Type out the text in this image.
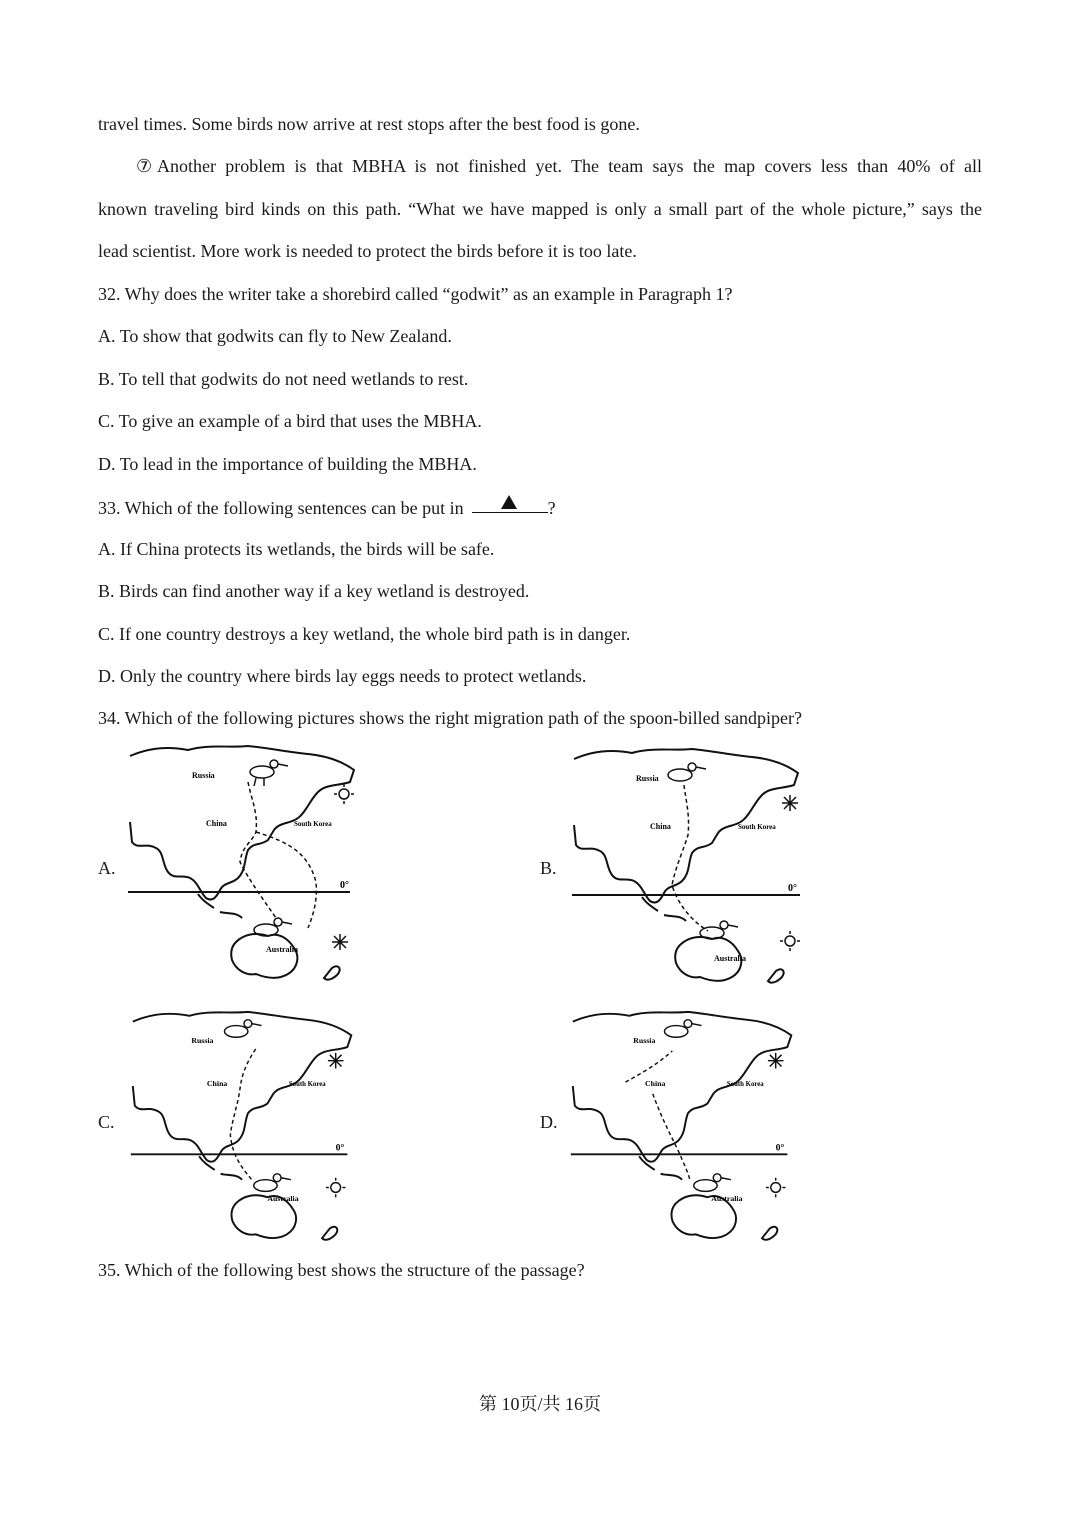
travel times. Some birds now arrive at rest stops after the best food is gone.
⑦Another problem is that MBHA is not finished yet. The team says the map covers less than 40% of all
known traveling bird kinds on this path. “What we have mapped is only a small part of the whole picture,” says the
lead scientist. More work is needed to protect the birds before it is too late.
32. Why does the writer take a shorebird called “godwit” as an example in Paragraph 1?
A. To show that godwits can fly to New Zealand.
B. To tell that godwits do not need wetlands to rest.
C. To give an example of a bird that uses the MBHA.
D. To lead in the importance of building the MBHA.
33. Which of the following sentences can be put in	?
A. If China protects its wetlands, the birds will be safe.
B. Birds can find another way if a key wetland is destroyed.
C. If one country destroys a key wetland, the whole bird path is in danger.
D. Only the country where birds lay eggs needs to protect wetlands.
34. Which of the following pictures shows the right migration path of the spoon-billed sandpiper?
A.	B.
C.	D.
0°
Russia
China	South Korea
Australia
0°
Russia
China	South Korea
Australia
0°
Russia
China	South Korea
Australia
0°
Russia
China	South Korea
Australia
35. Which of the following best shows the structure of the passage?
第 10页/共 16页
